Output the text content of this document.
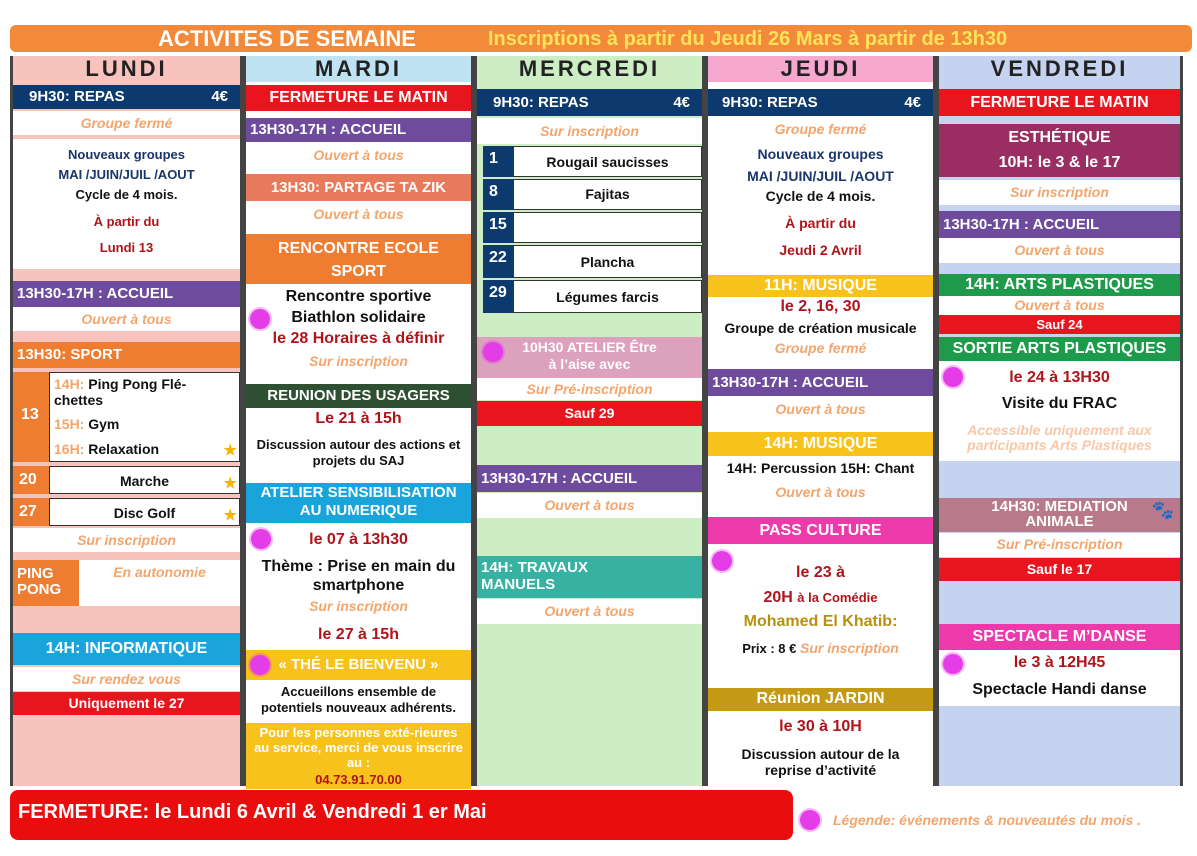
ACTIVITES DE SEMAINE	Inscriptions à partir du Jeudi 26 Mars à partir de 13h30
LUNDI
9H30: REPAS	4€
Groupe fermé
Nouveaux groupes
MAI /JUIN/JUIL /AOUT
Cycle de 4 mois.
À partir du
Lundi 13
13H30-17H : ACCUEIL
Ouvert à tous
13H30: SPORT
13
14H: Ping Pong Flé-chettes
15H: Gym
16H: Relaxation	★
20	Marche	★
27	Disc Golf	★
Sur inscription
PING PONG
En autonomie
14H: INFORMATIQUE
Sur rendez vous
Uniquement le 27
MARDI
FERMETURE LE MATIN
13H30-17H : ACCUEIL
Ouvert à tous
13H30: PARTAGE TA ZIK
Ouvert à tous
RENCONTRE ECOLE SPORT
Rencontre sportive
Biathlon solidaire
le 28 Horaires à définir
Sur inscription
REUNION DES USAGERS
Le 21 à 15h
Discussion autour des actions et projets du SAJ
ATELIER SENSIBILISATION AU NUMERIQUE
le 07 à 13h30
Thème : Prise en main du smartphone
Sur inscription
le 27 à 15h
« THÉ LE BIENVENU »
Accueillons ensemble de potentiels nouveaux adhérents.
Pour les personnes exté-rieures au service, merci de vous inscrire au :
04.73.91.70.00
MERCREDI
9H30: REPAS	4€
Sur inscription
1	Rougail saucisses
8	Fajitas
15
22	Plancha
29	Légumes farcis
10H30 ATELIER Être à l’aise avec
Sur Pré-inscription
Sauf 29
13H30-17H : ACCUEIL
Ouvert à tous
14H: TRAVAUX MANUELS
Ouvert à tous
JEUDI
9H30: REPAS	4€
Groupe fermé
Nouveaux groupes
MAI /JUIN/JUIL /AOUT
Cycle de 4 mois.
À partir du
Jeudi 2 Avril
11H: MUSIQUE
le 2, 16, 30
Groupe de création musicale
Groupe fermé
13H30-17H : ACCUEIL
Ouvert à tous
14H: MUSIQUE
14H: Percussion 15H: Chant
Ouvert à tous
PASS CULTURE
le 23 à
20H à la Comédie
Mohamed El Khatib:
Prix : 8 € Sur inscription
Réunion JARDIN
le 30 à 10H
Discussion autour de la reprise d’activité
VENDREDI
FERMETURE LE MATIN
ESTHÉTIQUE
10H: le 3 & le 17
Sur inscription
13H30-17H : ACCUEIL
Ouvert à tous
14H: ARTS PLASTIQUES
Ouvert à tous
Sauf 24
SORTIE ARTS PLASTIQUES
le 24 à 13H30
Visite du FRAC
Accessible uniquement aux participants Arts Plastiques
14H30: MEDIATION ANIMALE
🐾
Sur Pré-inscription
Sauf le 17
SPECTACLE M’DANSE
le 3 à 12H45
Spectacle Handi danse
FERMETURE: le Lundi 6 Avril & Vendredi 1 er Mai	Légende: événements & nouveautés du mois .
